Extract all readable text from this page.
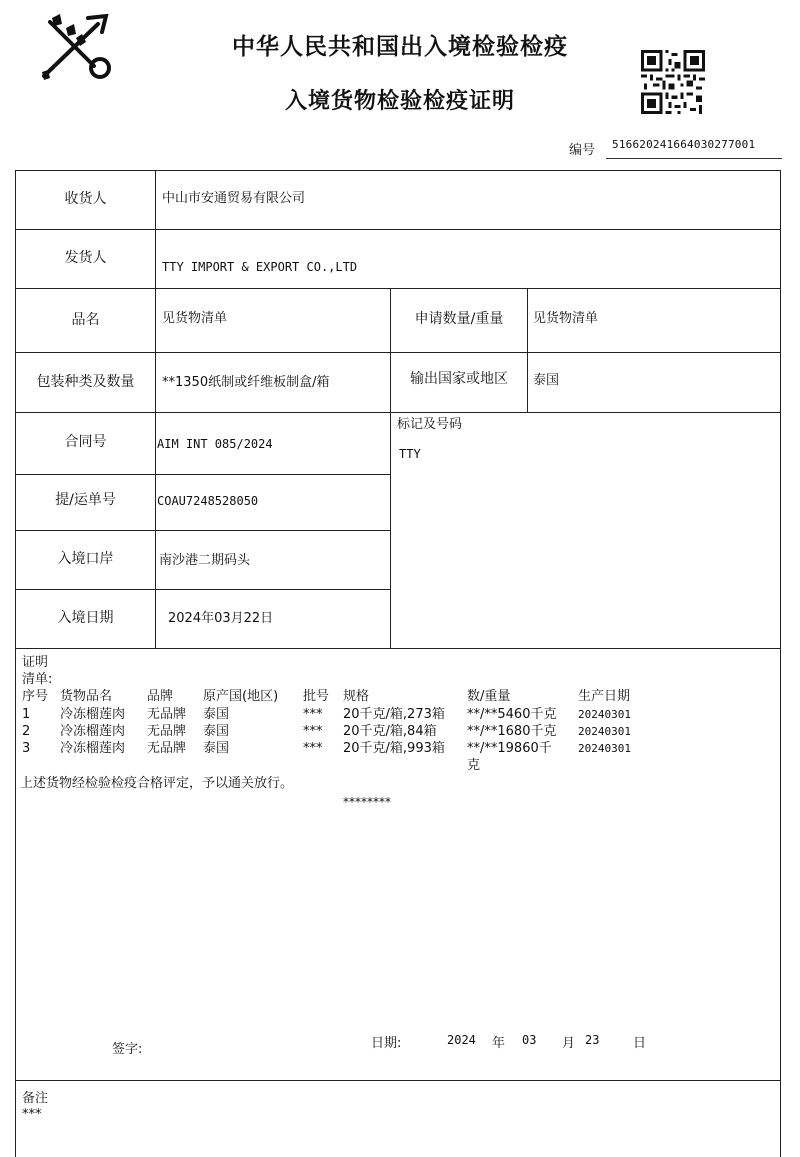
中华人民共和国出入境检验检疫
入境货物检验检疫证明
编号 516620241664030277001
收货人	中山市安通贸易有限公司
发货人
TTY IMPORT & EXPORT CO.,LTD
品名	见货物清单	申请数量/重量	见货物清单
包装种类及数量	**1350纸制或纤维板制盒/箱	输出国家或地区	泰国
合同号	AIM INT 085/2024
标记及号码
TTY
提/运单号	COAU7248528050
入境口岸	南沙港二期码头
入境日期	2024年03月22日
证明
清单:
序号 货物品名	品牌 原产国(地区) 批号 规格	数/重量	生产日期
1 冷冻榴莲肉 无品牌 泰国	*** 20千克/箱,273箱 **/**5460千克 20240301
2 冷冻榴莲肉 无品牌 泰国	*** 20千克/箱,84箱 **/**1680千克 20240301
3 冷冻榴莲肉 无品牌 泰国	*** 20千克/箱,993箱 **/**19860千 20240301
克
上述货物经检验检疫合格评定，予以通关放行。
********
签字:	日期:	2024 年 03 月 23	日
备注
***
